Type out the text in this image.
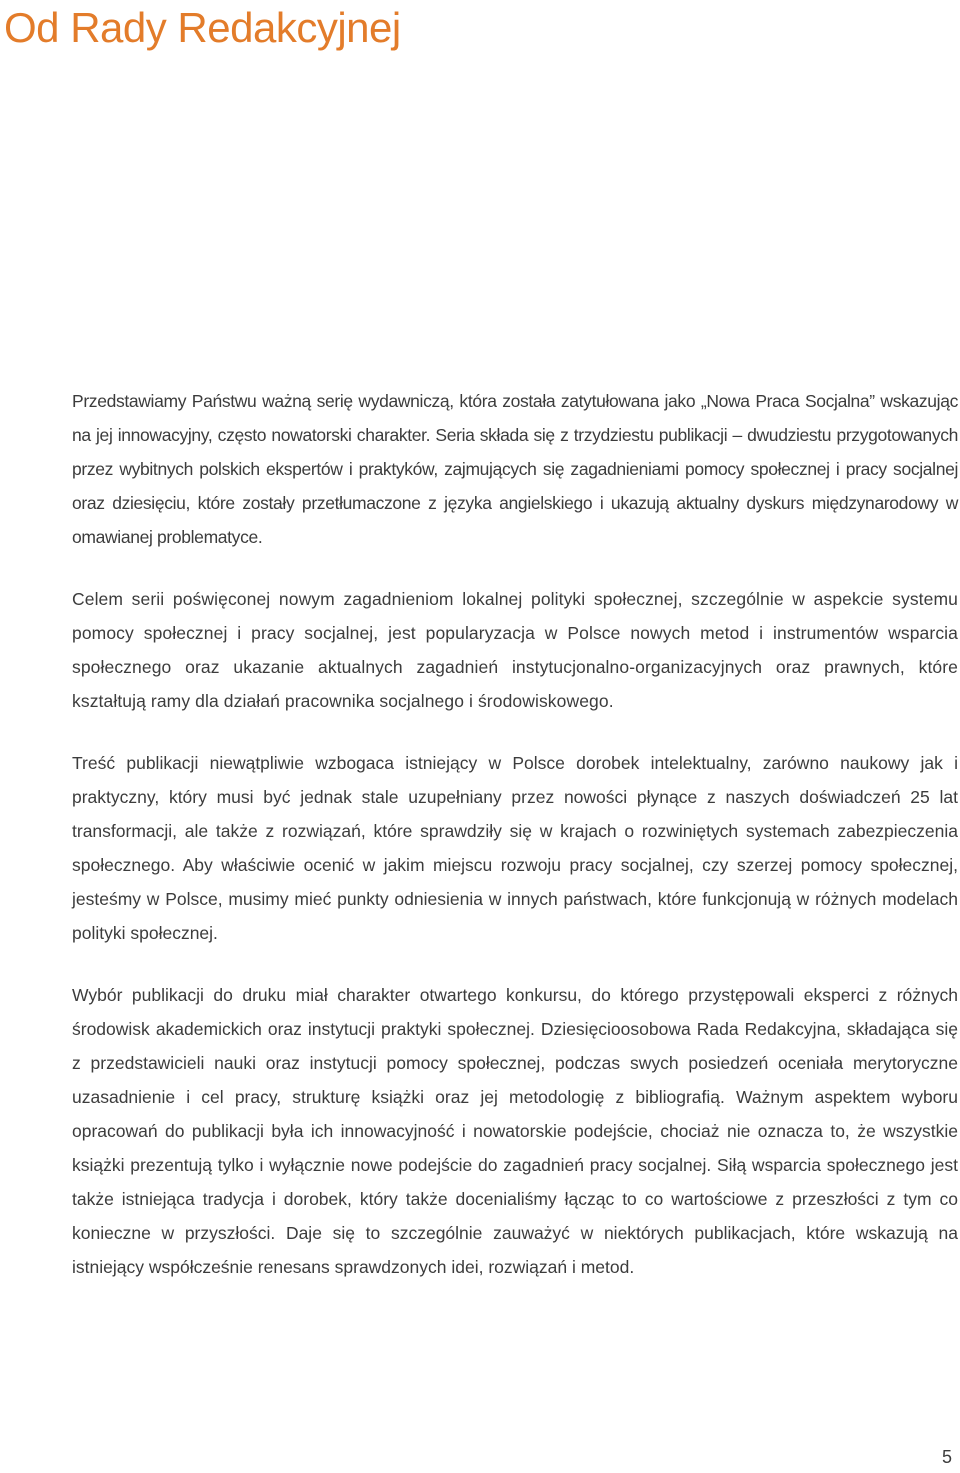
Od Rady Redakcyjnej

Przedstawiamy Państwu ważną serię wydawniczą, która została zatytułowana jako „Nowa Praca Socjalna” wskazując na jej innowacyjny, często nowatorski charakter. Seria składa się z trzydziestu publikacji – dwudziestu przygotowanych przez wybitnych polskich ekspertów i praktyków, zajmujących się zagadnieniami pomocy społecznej i pracy socjalnej oraz dziesięciu, które zostały przetłumaczone z języka angielskiego i ukazują aktualny dyskurs międzynarodowy w omawianej problematyce.

Celem serii poświęconej nowym zagadnieniom lokalnej polityki społecznej, szczególnie w aspekcie systemu pomocy społecznej i pracy socjalnej, jest popularyzacja w Polsce nowych metod i instrumentów wsparcia społecznego oraz ukazanie aktualnych zagadnień instytucjonalno-organizacyjnych oraz prawnych, które kształtują ramy dla działań pracownika socjalnego i środowiskowego.

Treść publikacji niewątpliwie wzbogaca istniejący w Polsce dorobek intelektualny, zarówno naukowy jak i praktyczny, który musi być jednak stale uzupełniany przez nowości płynące z naszych doświadczeń 25 lat transformacji, ale także z rozwiązań, które sprawdziły się w krajach o rozwiniętych systemach zabezpieczenia społecznego. Aby właściwie ocenić w jakim miejscu rozwoju pracy socjalnej, czy szerzej pomocy społecznej, jesteśmy w Polsce, musimy mieć punkty odniesienia w innych państwach, które funkcjonują w różnych modelach polityki społecznej.

Wybór publikacji do druku miał charakter otwartego konkursu, do którego przystępowali eksperci z różnych środowisk akademickich oraz instytucji praktyki społecznej. Dziesięcioosobowa Rada Redakcyjna, składająca się z przedstawicieli nauki oraz instytucji pomocy społecznej, podczas swych posiedzeń oceniała merytoryczne uzasadnienie i cel pracy, strukturę książki oraz jej metodologię z bibliografią. Ważnym aspektem wyboru opracowań do publikacji była ich innowacyjność i nowatorskie podejście, chociaż nie oznacza to, że wszystkie książki prezentują tylko i wyłącznie nowe podejście do zagadnień pracy socjalnej. Siłą wsparcia społecznego jest także istniejąca tradycja i dorobek, który także docenialiśmy łącząc to co wartościowe z przeszłości z tym co konieczne w przyszłości. Daje się to szczególnie zauważyć w niektórych publikacjach, które wskazują na istniejący współcześnie renesans sprawdzonych idei, rozwiązań i metod.

5
